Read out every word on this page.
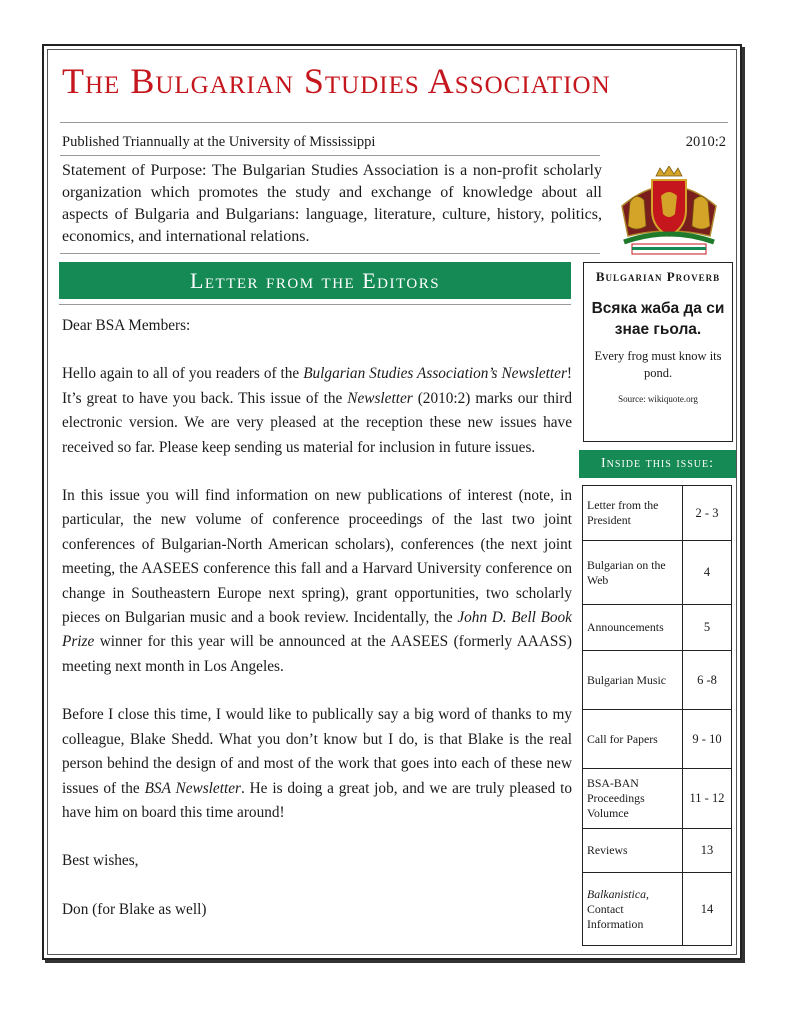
The Bulgarian Studies Association
Published Triannually at the University of Mississippi	2010:2
Statement of Purpose: The Bulgarian Studies Association is a non-profit scholarly organization which promotes the study and exchange of knowledge about all aspects of Bulgaria and Bulgarians: language, literature, culture, history, politics, economics, and international relations.
Letter from the Editors

Dear BSA Members:

Hello again to all of you readers of the Bulgarian Studies Association’s Newsletter! It’s great to have you back. This issue of the Newsletter (2010:2) marks our third electronic version. We are very pleased at the reception these new issues have received so far. Please keep sending us material for inclusion in future issues.

In this issue you will find information on new publications of interest (note, in particular, the new volume of conference proceedings of the last two joint conferences of Bulgarian-North American scholars), conferences (the next joint meeting, the AASEES conference this fall and a Harvard University conference on change in Southeastern Europe next spring), grant opportunities, two scholarly pieces on Bulgarian music and a book review. Incidentally, the John D. Bell Book Prize winner for this year will be announced at the AASEES (formerly AAASS) meeting next month in Los Angeles.

Before I close this time, I would like to publically say a big word of thanks to my colleague, Blake Shedd. What you don’t know but I do, is that Blake is the real person behind the design of and most of the work that goes into each of these new issues of the BSA Newsletter. He is doing a great job, and we are truly pleased to have him on board this time around!

Best wishes,

Don (for Blake as well)

Bulgarian Proverb
Всяка жаба да си знае гьола.
Every frog must know its pond.
Source: wikiquote.org
Inside this issue:
Letter from the President	2 - 3
Bulgarian on the Web	4
Announcements	5
Bulgarian Music	6 -8
Call for Papers	9 - 10
BSA-BAN Proceedings Volumce	11 - 12
Reviews	13
Balkanistica, Contact Information	14
